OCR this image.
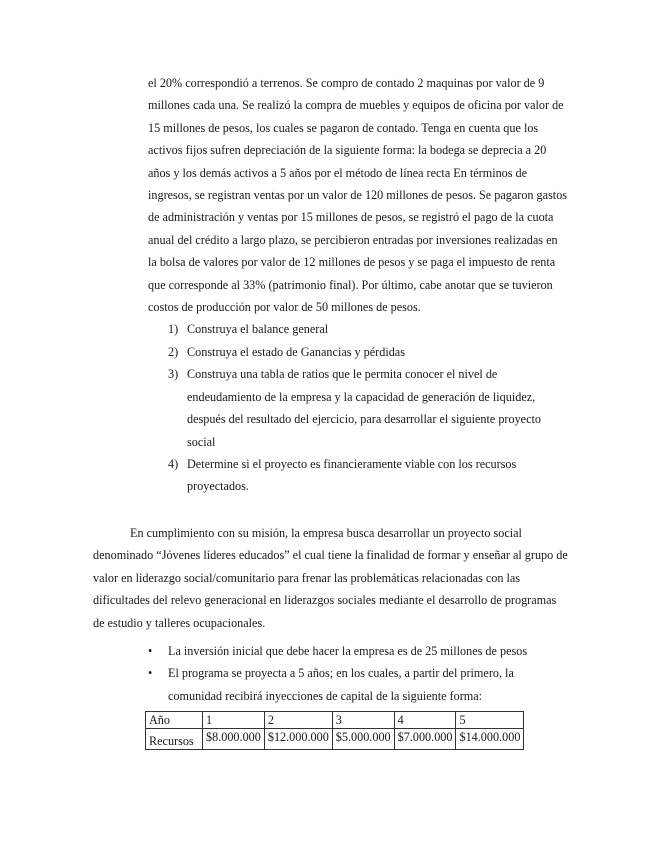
el 20% correspondió a terrenos. Se compro de contado 2 maquinas por valor de 9 millones cada una. Se realizó la compra de muebles y equipos de oficina por valor de 15 millones de pesos, los cuales se pagaron de contado. Tenga en cuenta que los activos fijos sufren depreciación de la siguiente forma: la bodega se deprecia a 20 años y los demás activos a 5 años por el método de línea recta En términos de ingresos, se registran ventas por un valor de 120 millones de pesos. Se pagaron gastos de administración y ventas por 15 millones de pesos, se registró el pago de la cuota anual del crédito a largo plazo, se percibieron entradas por inversiones realizadas en la bolsa de valores por valor de 12 millones de pesos y se paga el impuesto de renta que corresponde al 33% (patrimonio final). Por último, cabe anotar que se tuvieron costos de producción por valor de 50 millones de pesos.

1) Construya el balance general
2) Construya el estado de Ganancias y pérdidas
3) Construya una tabla de ratios que le permita conocer el nivel de endeudamiento de la empresa y la capacidad de generación de liquidez, después del resultado del ejercicio, para desarrollar el siguiente proyecto social
4) Determine si el proyecto es financieramente viable con los recursos proyectados.

En cumplimiento con su misión, la empresa busca desarrollar un proyecto social denominado “Jóvenes líderes educados” el cual tiene la finalidad de formar y enseñar al grupo de valor en liderazgo social/comunitario para frenar las problemáticas relacionadas con las dificultades del relevo generacional en liderazgos sociales mediante el desarrollo de programas de estudio y talleres ocupacionales.

• La inversión inicial que debe hacer la empresa es de 25 millones de pesos
• El programa se proyecta a 5 años; en los cuales, a partir del primero, la comunidad recibirá inyecciones de capital de la siguiente forma:
Año	1	2	3	4	5
Recursos	$8.000.000	$12.000.000	$5.000.000	$7.000.000	$14.000.000
